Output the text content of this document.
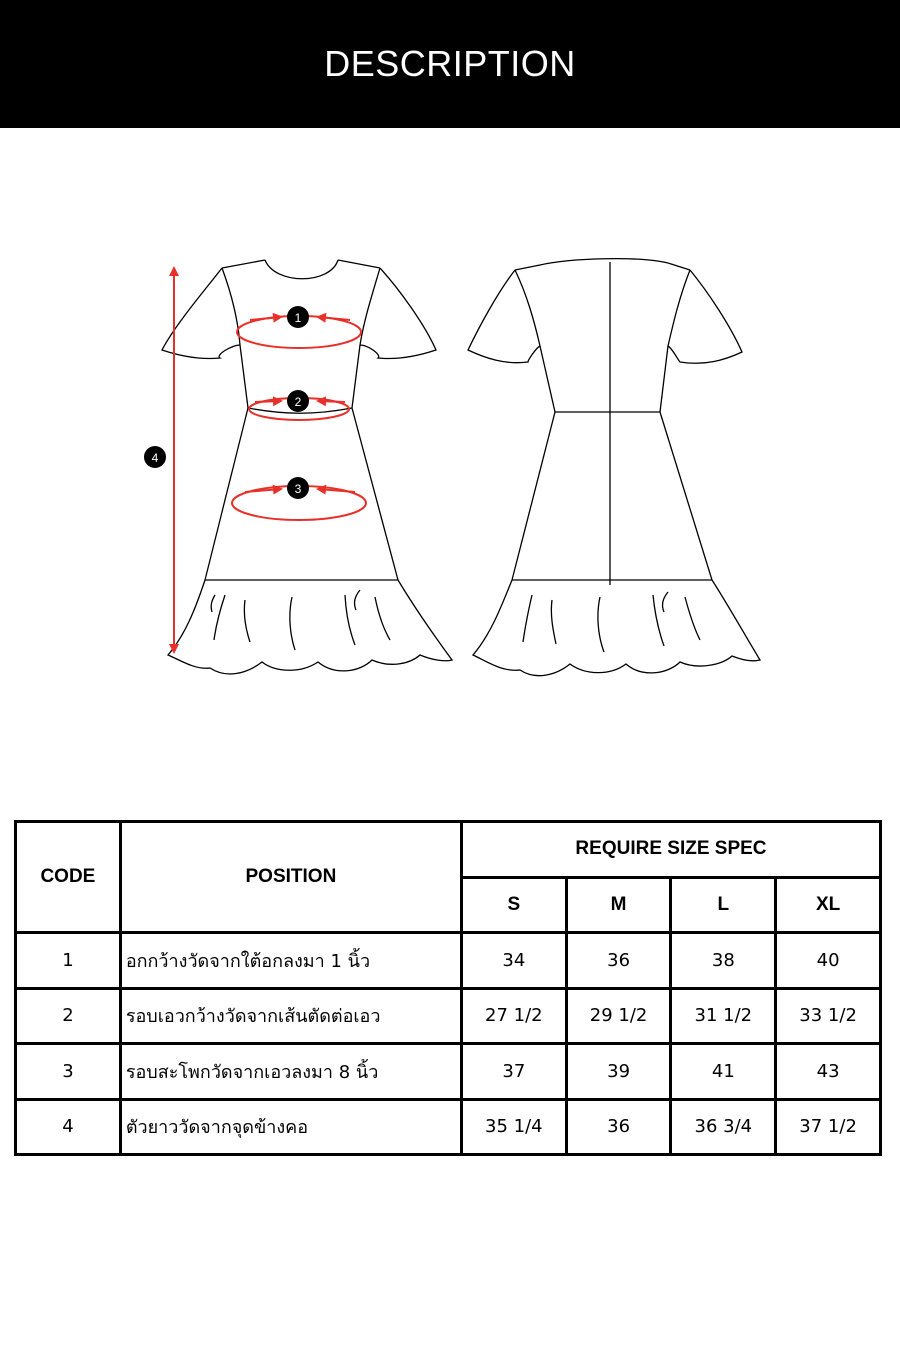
DESCRIPTION
1
2
3
4
CODE	POSITION	REQUIRE SIZE SPEC			
		S	M	L	XL
1	อกกว้างวัดจากใต้อกลงมา 1 นิ้ว	34	36	38	40
2	รอบเอวกว้างวัดจากเส้นตัดต่อเอว	27 1/2	29 1/2	31 1/2	33 1/2
3	รอบสะโพกวัดจากเอวลงมา 8 นิ้ว	37	39	41	43
4	ตัวยาววัดจากจุดข้างคอ	35 1/4	36	36 3/4	37 1/2
